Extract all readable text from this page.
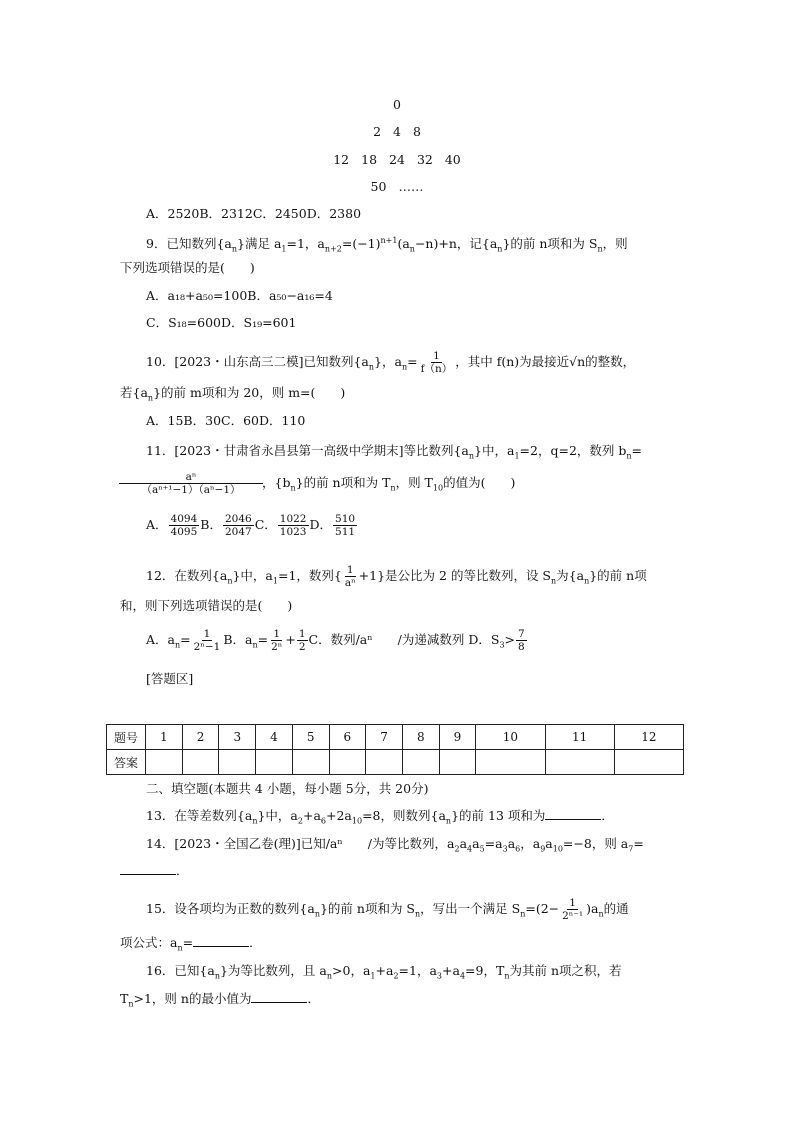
0
2 4 8
12 18 24 32 40
50 ……
A．2520B．2312C．2450D．2380
9．已知数列$\{a_n\}$满足 $a_1=1$，$a_{n+2}=(-1)^{n+1}(a_n-n)+n$，记$\{a_n\}$的前 n项和为 $S_n$，则
下列选项错误的是(　　)
A．a₁₈+a₅₀=100B．a₅₀−a₁₆=4
C．S₁₈=600D．S₁₉=601
10．[2023・山东高三二模]已知数列$\{a_n\}$，$a_n= \frac{1}{f(n)}$ ，其中 f(n)为最接近√n的整数，
若$\{a_n\}$的前 m项和为 20，则 m=(　　)
A．15B．30C．60D．110
11．[2023・甘肃省永昌县第一高级中学期末]等比数列$\{a_n\}$中，$a_1=2$，q=2，数列 $b_n=$
$\frac{\text{aⁿ}}{\text{（aⁿ⁺¹−1）（aⁿ−1）}}$ ，$\{b_n\}$的前 n项和为 $T_n$，则 $T_{10}$的值为(　　)
A． $\frac{4094}{4095}$ B． $\frac{2046}{2047}$ C． $\frac{1022}{1023}$ D． $\frac{510}{511}$
12．在数列$\{a_n\}$中，$a_1=1$，数列{ $\frac{1}{\text{aⁿ}} +1$}是公比为 2 的等比数列，设 $S_n$为$\{a_n\}$的前 n项
和，则下列选项错误的是(　　)
A．$a_n= \frac{1}{\text{2ⁿ−1}}$ B．$a_n= \frac{1}{\text{2ⁿ}} + \frac{1}{2}$ C．数列/aⁿ　　/为递减数列 D．$S_3> \frac{7}{8}$
[答题区]
题号	1	2	3	4	5	6	7	8	9	10	11	12
答案												
二、填空题(本题共 4 小题，每小题 5分，共 20分)
13．在等差数列$\{a_n\}$中，$a_2+a_6+2a_{10}=8$，则数列$\{a_n\}$的前 13 项和为	．
14．[2023・全国乙卷(理)]已知/aⁿ　　/为等比数列，$a_2a_4a_5=a_3a_6$，$a_9a_{10}=-8$，则 $a_7=$
．
15．设各项均为正数的数列$\{a_n\}$的前 n项和为 $S_n$，写出一个满足 $S_n=(2- \frac{1}{\text{2ⁿ⁻¹}} )a_n$的通
项公式：$a_n=$	．
16．已知$\{a_n\}$为等比数列，且 $a_n>0$，$a_1+a_2=1$，$a_3+a_4=9$，$T_n$为其前 n项之积，若
$T_n>1$，则 n的最小值为	．
